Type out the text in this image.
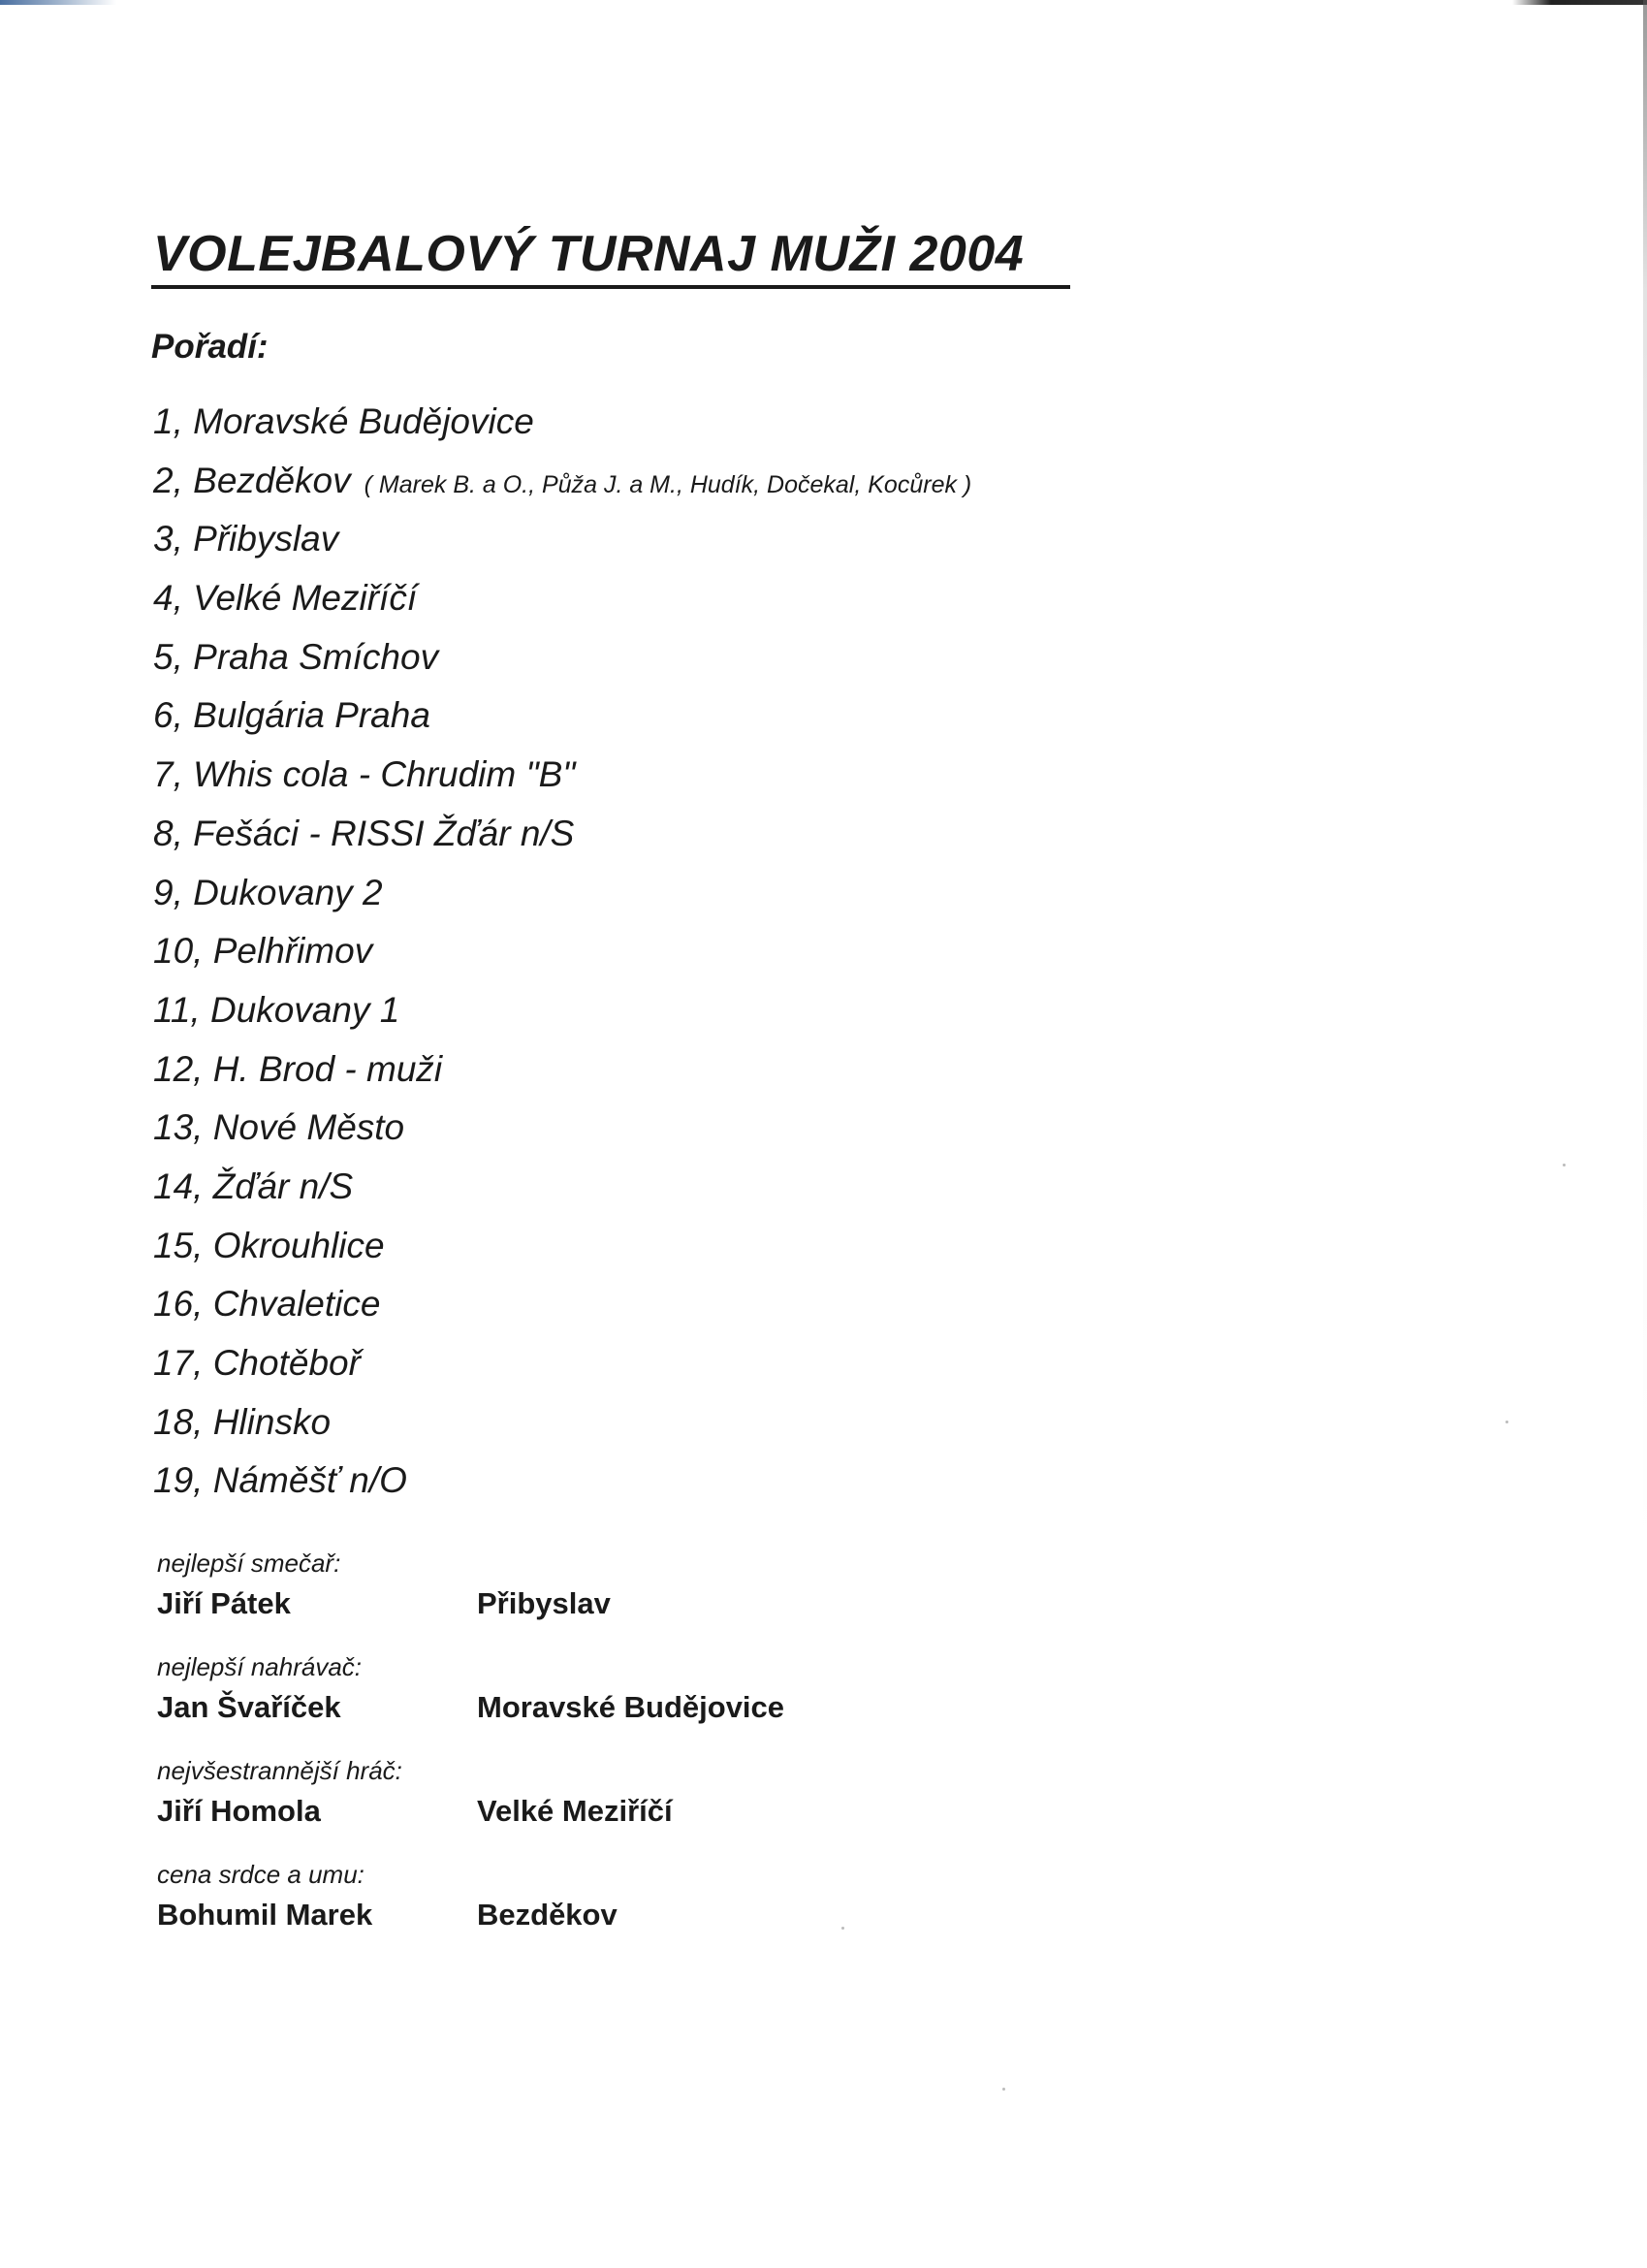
VOLEJBALOVÝ TURNAJ MUŽI 2004
Pořadí:
1, Moravské Budějovice
2, Bezděkov ( Marek B. a O., Půža J. a M., Hudík, Dočekal, Kocůrek )
3, Přibyslav
4, Velké Meziříčí
5, Praha Smíchov
6, Bulgária Praha
7, Whis cola - Chrudim "B"
8, Fešáci - RISSI Žďár n/S
9, Dukovany 2
10, Pelhřimov
11, Dukovany 1
12, H. Brod - muži
13, Nové Město
14, Žďár n/S
15, Okrouhlice
16, Chvaletice
17, Chotěboř
18, Hlinsko
19, Náměšť n/O
nejlepší smečař:
Jiří Pátek	Přibyslav
nejlepší nahrávač:
Jan Švaříček	Moravské Budějovice
nejvšestrannější hráč:
Jiří Homola	Velké Meziříčí
cena srdce a umu:
Bohumil Marek	Bezděkov
